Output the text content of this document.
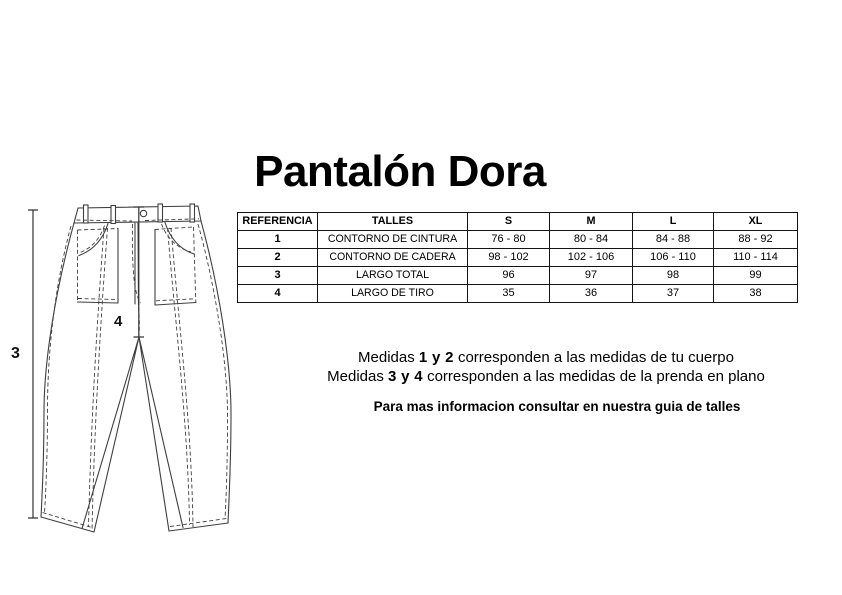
3
4
Pantalón Dora
REFERENCIA	TALLES	S	M	L	XL
1	CONTORNO DE CINTURA	76 - 80	80 - 84	84 - 88	88 - 92
2	CONTORNO DE CADERA	98 - 102	102 - 106	106 - 110	110 - 114
3	LARGO TOTAL	96	97	98	99
4	LARGO DE TIRO	35	36	37	38
Medidas 1 y 2 corresponden a las medidas de tu cuerpo
Medidas 3 y 4 corresponden a las medidas de la prenda en plano
Para mas informacion consultar en nuestra guia de talles
